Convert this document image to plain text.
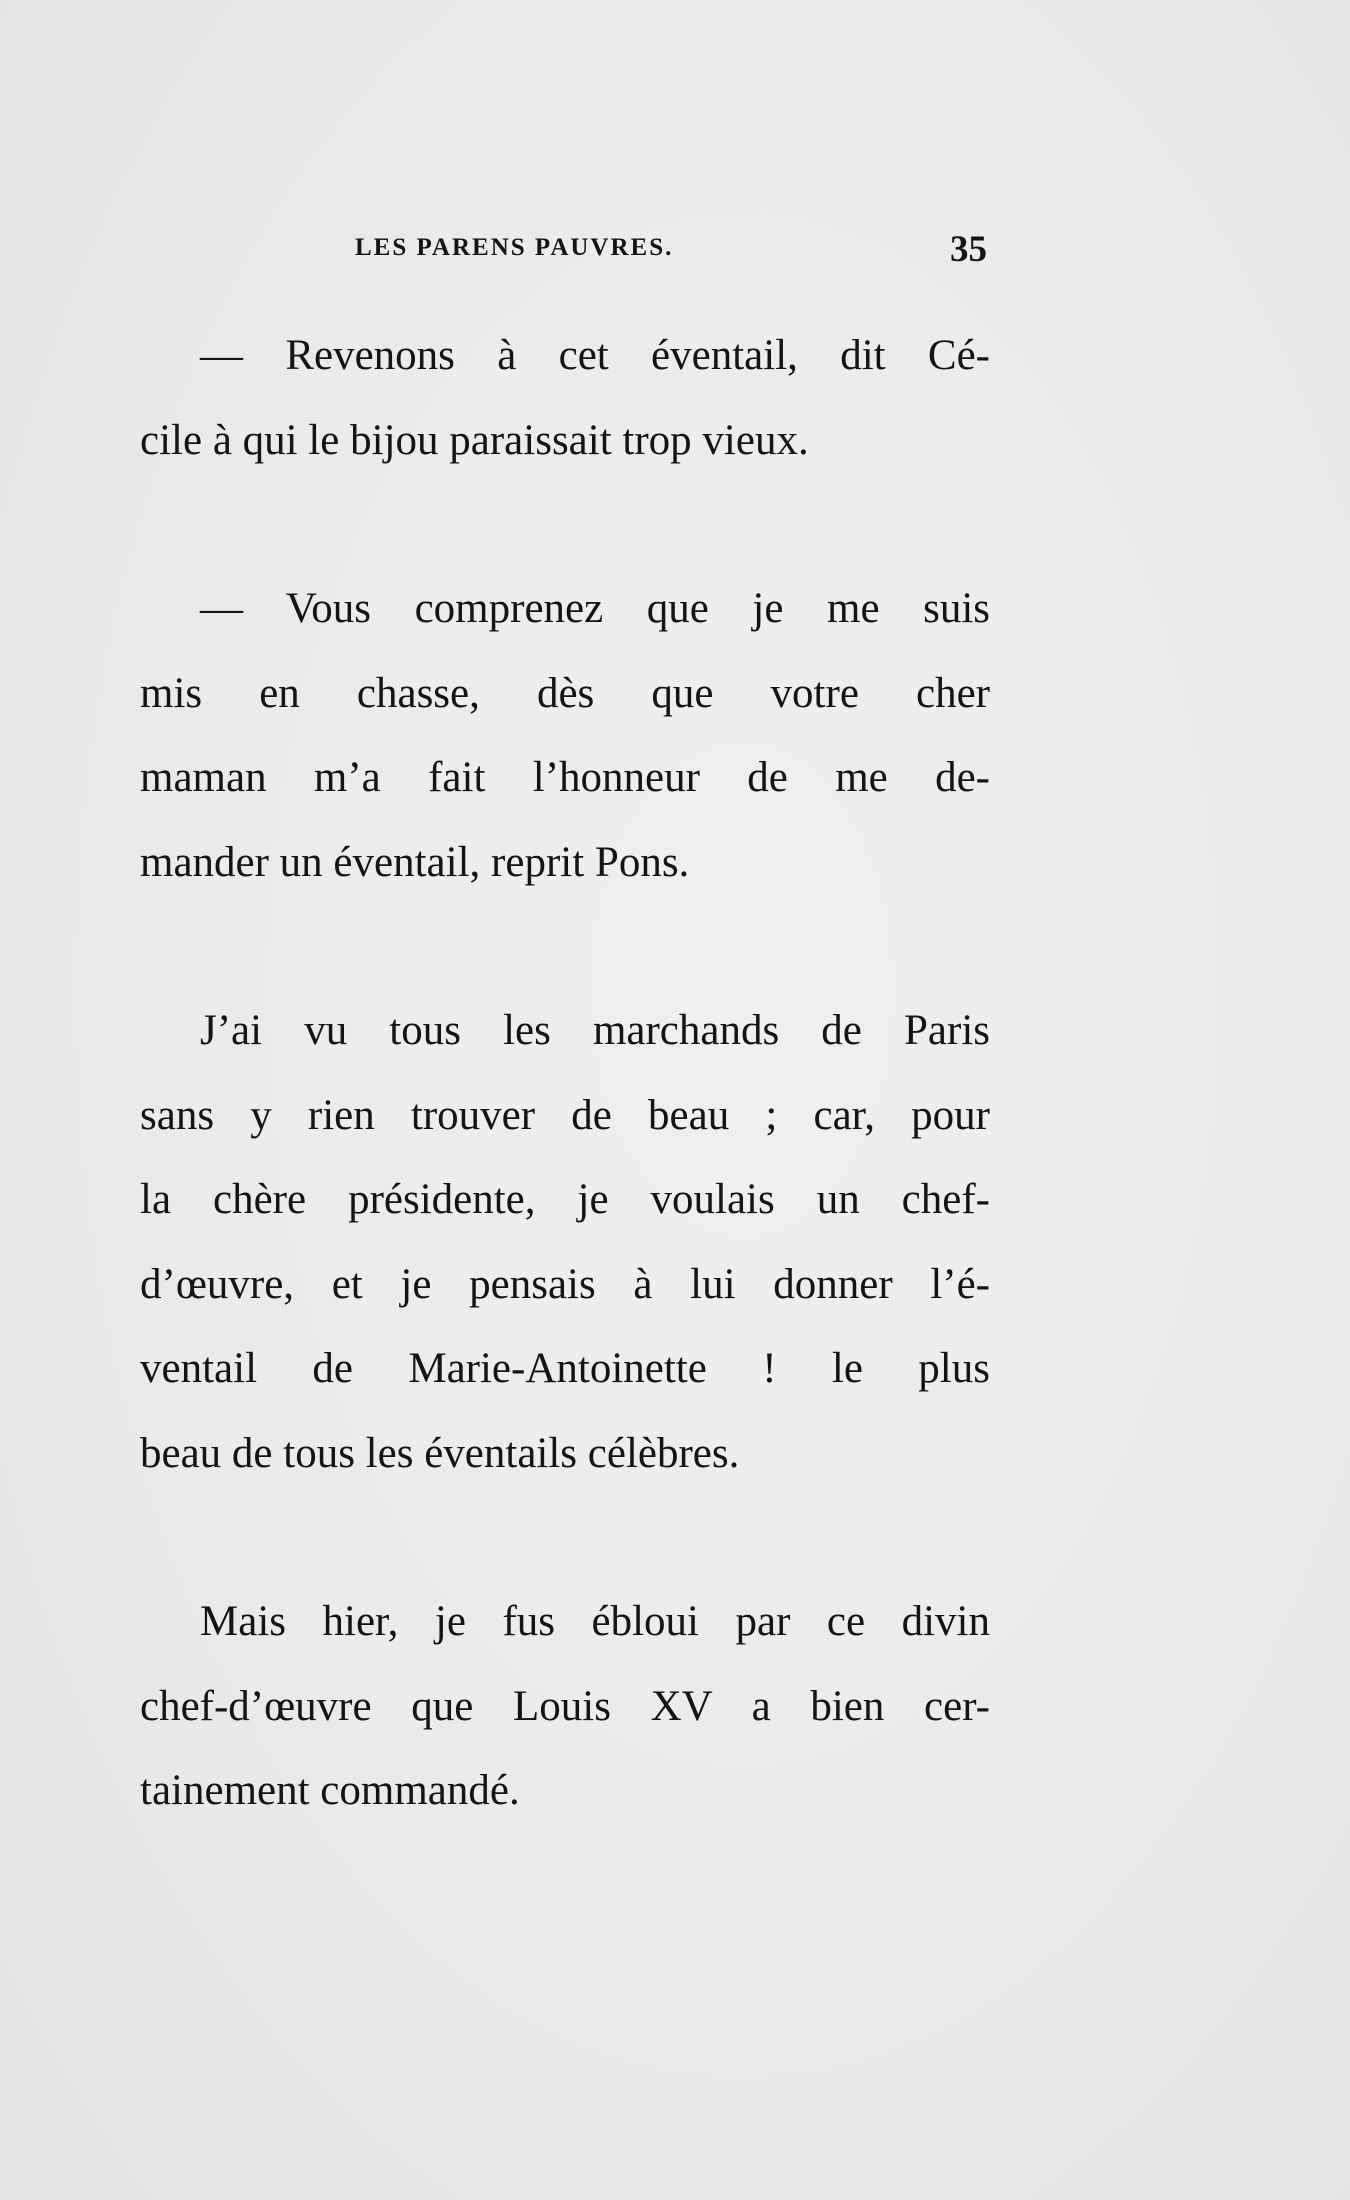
LES PARENS PAUVRES.	35

— Revenons à cet éventail, dit Cé-
cile à qui le bijou paraissait trop vieux.

— Vous comprenez que je me suis
mis en chasse, dès que votre cher
maman m’a fait l’honneur de me de-
mander un éventail, reprit Pons.

J’ai vu tous les marchands de Paris
sans y rien trouver de beau ; car, pour
la chère présidente, je voulais un chef-
d’œuvre, et je pensais à lui donner l’é-
ventail de Marie-Antoinette ! le plus
beau de tous les éventails célèbres.

Mais hier, je fus ébloui par ce divin
chef-d’œuvre que Louis XV a bien cer-
tainement commandé.
